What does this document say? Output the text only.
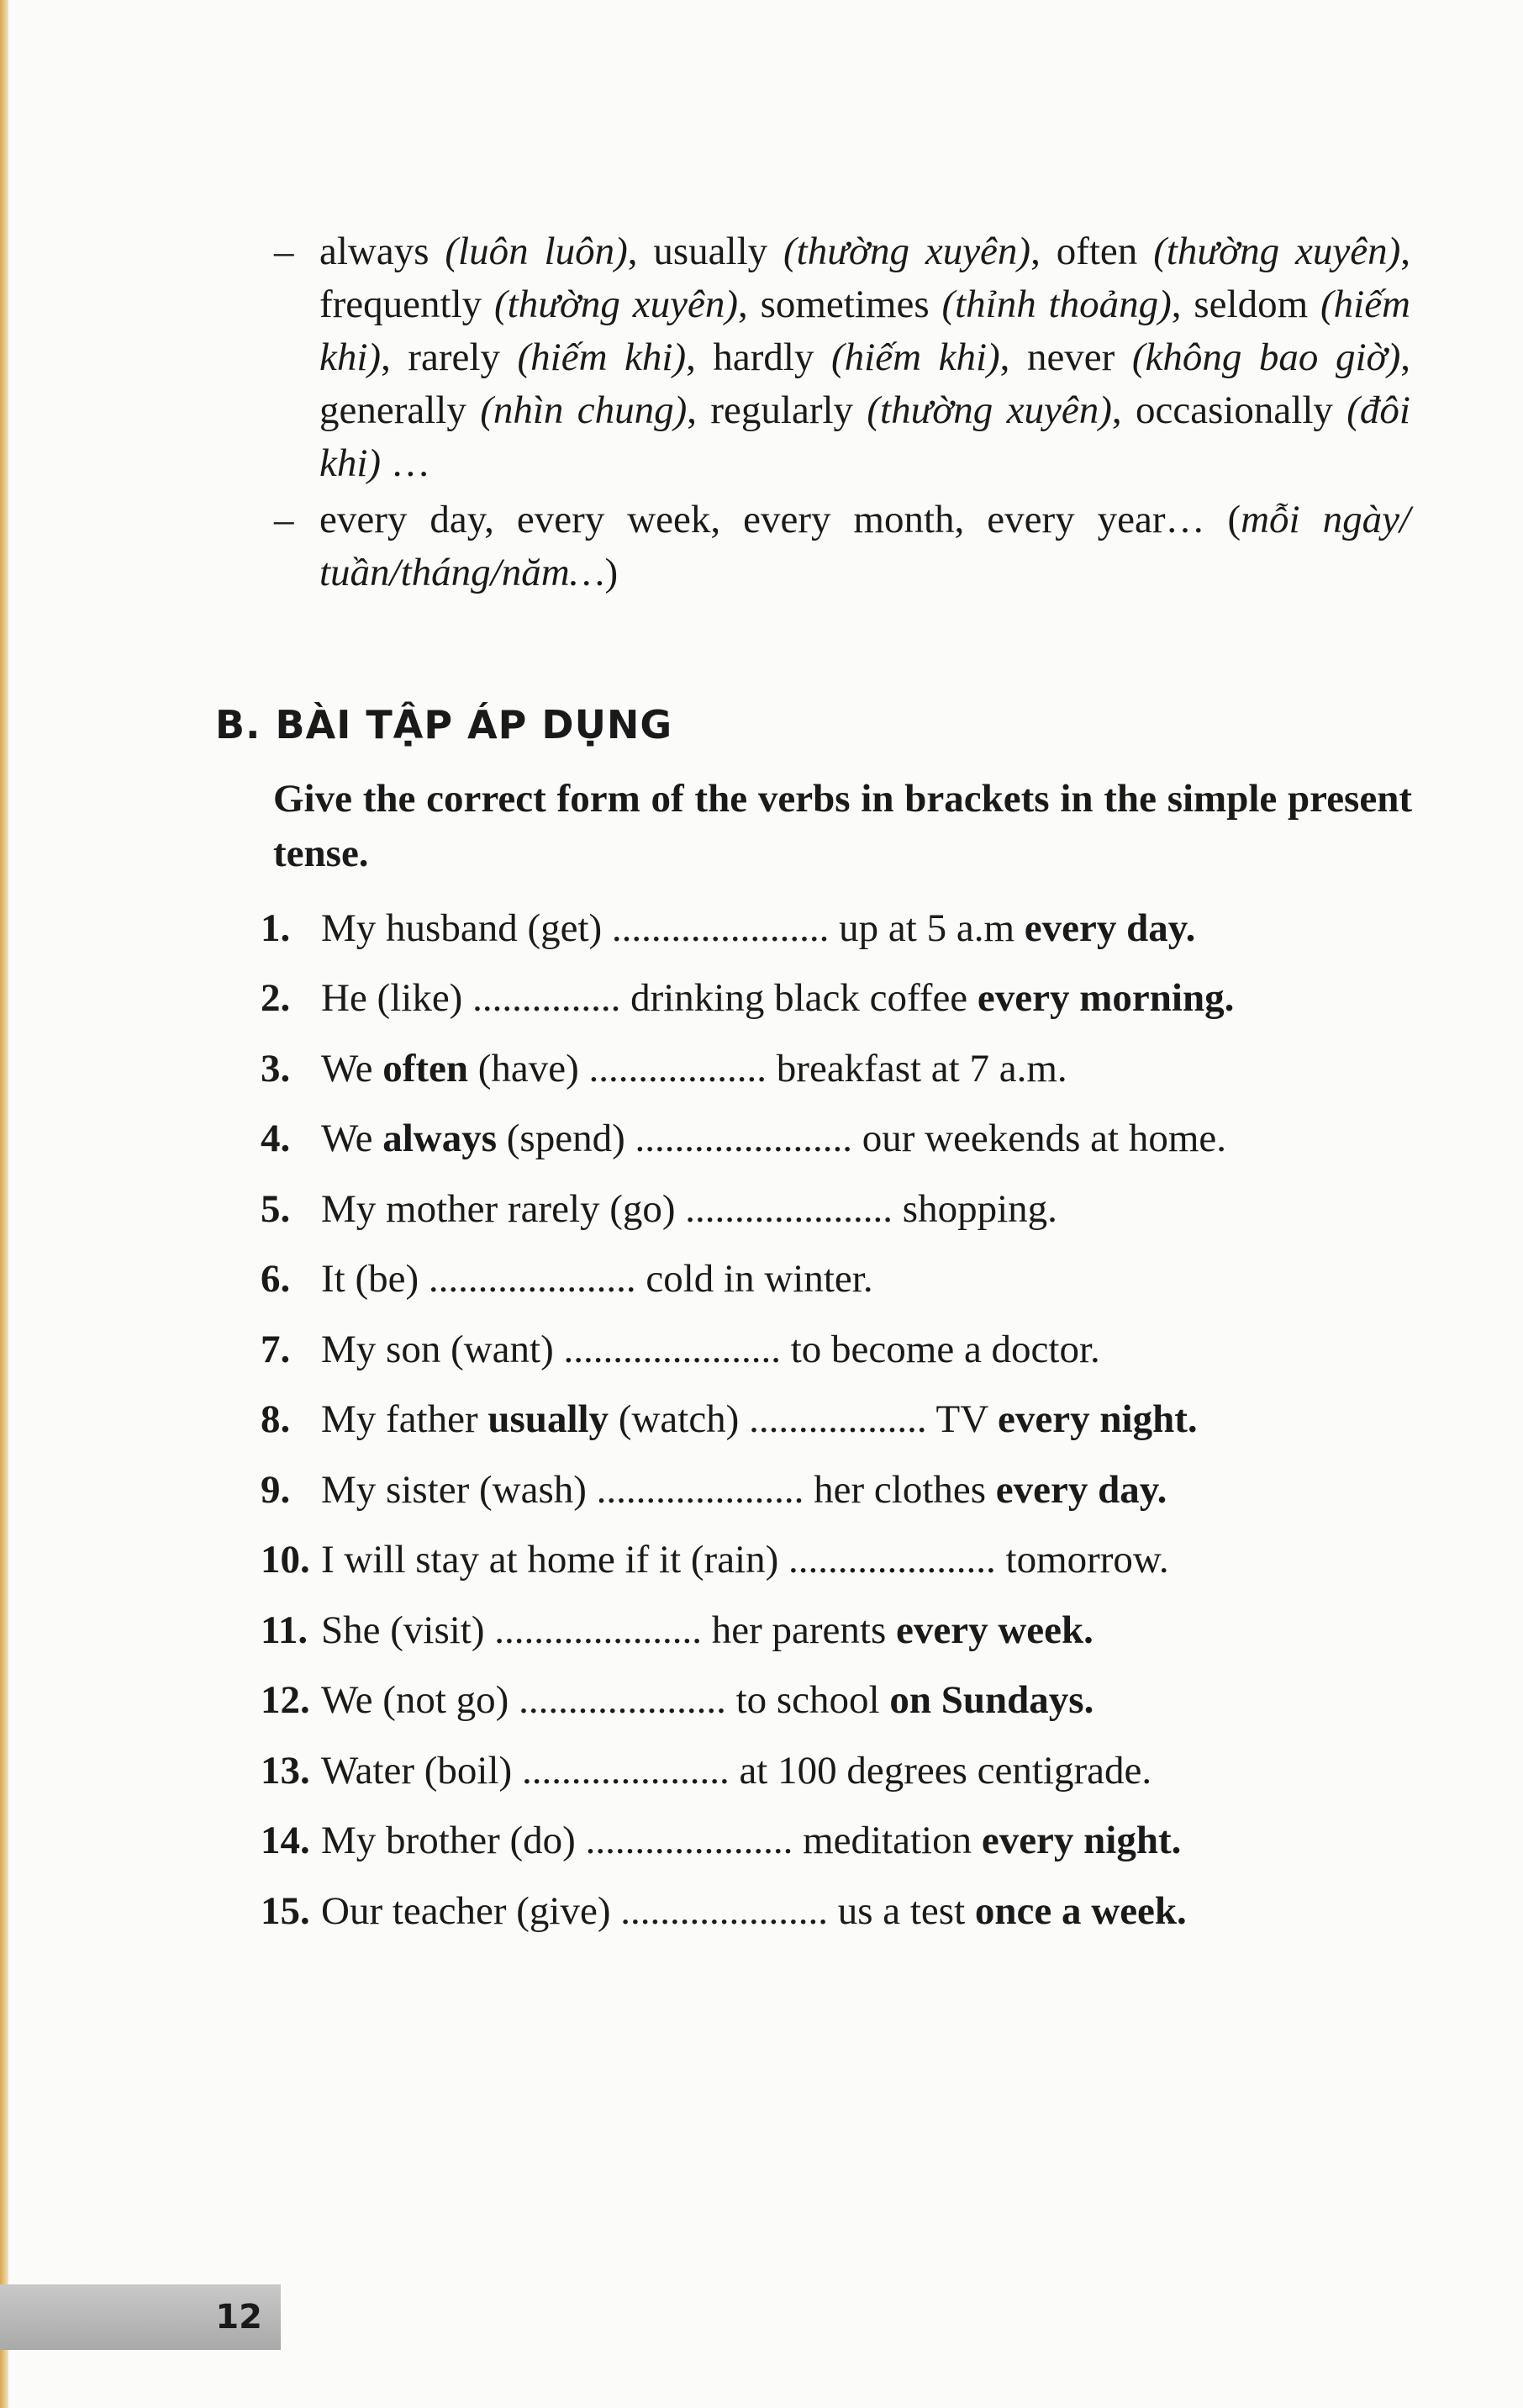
– always (luôn luôn), usually (thường xuyên), often (thường xuyên), frequently (thường xuyên), sometimes (thỉnh thoảng), seldom (hiếm khi), rarely (hiếm khi), hardly (hiếm khi), never (không bao giờ), generally (nhìn chung), regularly (thường xuyên), occasionally (đôi khi) …
– every day, every week, every month, every year… (mỗi ngày/ tuần/tháng/năm…)
B. BÀI TẬP ÁP DỤNG
Give the correct form of the verbs in brackets in the simple present tense.
1. My husband (get) ...................... up at 5 a.m every day.
2. He (like) ............... drinking black coffee every morning.
3. We often (have) .................. breakfast at 7 a.m.
4. We always (spend) ...................... our weekends at home.
5. My mother rarely (go) ..................... shopping.
6. It (be) ..................... cold in winter.
7. My son (want) ...................... to become a doctor.
8. My father usually (watch) .................. TV every night.
9. My sister (wash) ..................... her clothes every day.
10. I will stay at home if it (rain) ..................... tomorrow.
11. She (visit) ..................... her parents every week.
12. We (not go) ..................... to school on Sundays.
13. Water (boil) ..................... at 100 degrees centigrade.
14. My brother (do) ..................... meditation every night.
15. Our teacher (give) ..................... us a test once a week.
12
